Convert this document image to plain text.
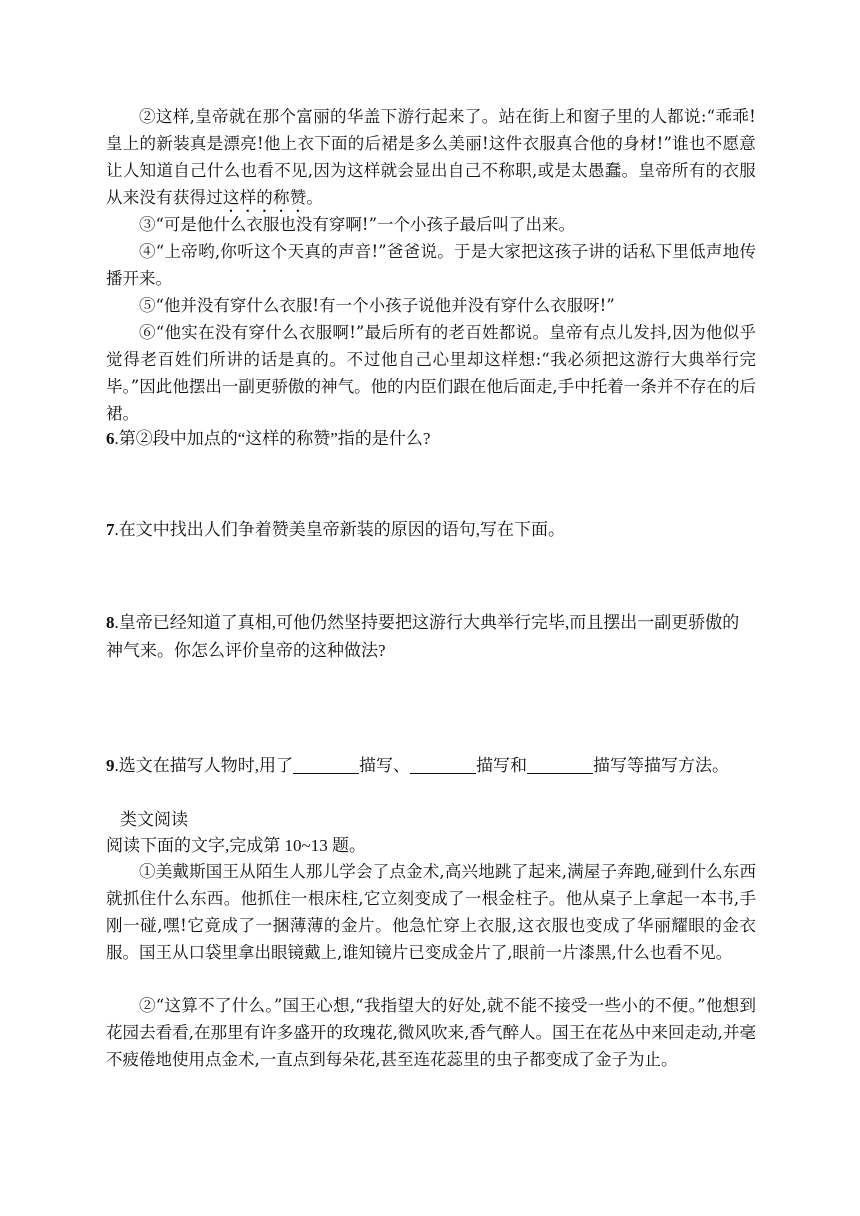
②这样,皇帝就在那个富丽的华盖下游行起来了。站在街上和窗子里的人都说:“乖乖!皇上的新装真是漂亮!他上衣下面的后裙是多么美丽!这件衣服真合他的身材!”谁也不愿意让人知道自己什么也看不见,因为这样就会显出自己不称职,或是太愚蠢。皇帝所有的衣服从来没有获得过这样的称赞。

③“可是他什么衣服也没有穿啊!”一个小孩子最后叫了出来。

④“上帝哟,你听这个天真的声音!”爸爸说。于是大家把这孩子讲的话私下里低声地传播开来。

⑤“他并没有穿什么衣服!有一个小孩子说他并没有穿什么衣服呀!”

⑥“他实在没有穿什么衣服啊!”最后所有的老百姓都说。皇帝有点儿发抖,因为他似乎觉得老百姓们所讲的话是真的。不过他自己心里却这样想:“我必须把这游行大典举行完毕。”因此他摆出一副更骄傲的神气。他的内臣们跟在他后面走,手中托着一条并不存在的后裙。

6.第②段中加点的“这样的称赞”指的是什么?

7.在文中找出人们争着赞美皇帝新装的原因的语句,写在下面。

8.皇帝已经知道了真相,可他仍然坚持要把这游行大典举行完毕,而且摆出一副更骄傲的神气来。你怎么评价皇帝的这种做法?

9.选文在描写人物时,用了	描写、	描写和	描写等描写方法。

类文阅读

阅读下面的文字,完成第 10~13 题。

①美戴斯国王从陌生人那儿学会了点金术,高兴地跳了起来,满屋子奔跑,碰到什么东西就抓住什么东西。他抓住一根床柱,它立刻变成了一根金柱子。他从桌子上拿起一本书,手刚一碰,嘿!它竟成了一捆薄薄的金片。他急忙穿上衣服,这衣服也变成了华丽耀眼的金衣服。国王从口袋里拿出眼镜戴上,谁知镜片已变成金片了,眼前一片漆黑,什么也看不见。

②“这算不了什么。”国王心想,“我指望大的好处,就不能不接受一些小的不便。”他想到花园去看看,在那里有许多盛开的玫瑰花,微风吹来,香气醉人。国王在花丛中来回走动,并毫不疲倦地使用点金术,一直点到每朵花,甚至连花蕊里的虫子都变成了金子为止。
